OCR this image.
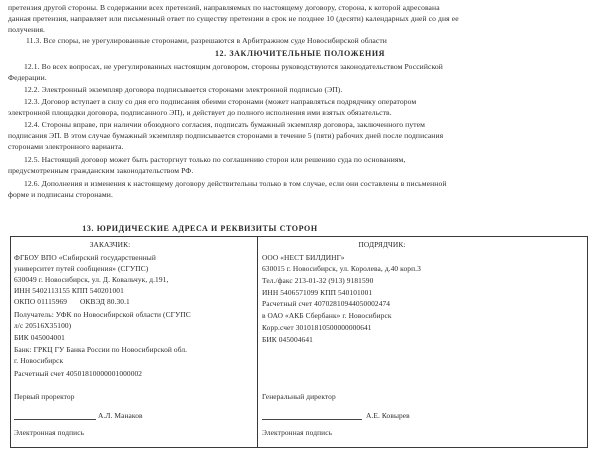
претензия другой стороны. В содержании всех претензий, направляемых по настоящему договору, сторона, к которой адресована
данная претензия, направляет или письменный ответ по существу претензии в срок не позднее 10 (десяти) календарных дней со дня ее
получения.
11.3. Все споры, не урегулированные сторонами, разрешаются в Арбитражном суде Новосибирской области
12. ЗАКЛЮЧИТЕЛЬНЫЕ ПОЛОЖЕНИЯ
12.1. Во всех вопросах, не урегулированных настоящим договором, стороны руководствуются законодательством Российской
Федерации.
12.2. Электронный экземпляр договора подписывается сторонами электронной подписью (ЭП).
12.3. Договор вступает в силу со дня его подписания обеими сторонами (может направляться подрядчику оператором
электронной площадки договора, подписанного ЭП), и действует до полного исполнения ими взятых обязательств.
12.4. Стороны вправе, при наличии обоюдного согласия, подписать бумажный экземпляр договора, заключенного путем
подписания ЭП. В этом случае бумажный экземпляр подписывается сторонами в течение 5 (пяти) рабочих дней после подписания
сторонами электронного варианта.
12.5. Настоящий договор может быть расторгнут только по соглашению сторон или решению суда по основаниям,
предусмотренным гражданским законодательством РФ.
12.6. Дополнения и изменения к настоящему договору действительны только в том случае, если они составлены в письменной
форме и подписаны сторонами.
13. ЮРИДИЧЕСКИЕ АДРЕСА И РЕКВИЗИТЫ СТОРОН
ЗАКАЗЧИК:
ФГБОУ ВПО «Сибирский государственный
университет путей сообщения» (СГУПС)
630049 г. Новосибирск, ул. Д. Ковальчук, д.191,
ИНН 5402113155 КПП 540201001
ОКПО 01115969 ОКВЭД 80.30.1
Получатель: УФК по Новосибирской области (СГУПС
л/с 20516X35100)
БИК 045004001
Банк: ГРКЦ ГУ Банка России по Новосибирской обл.
г. Новосибирск
Расчетный счет 40501810000001000002
Первый проректор
А.Л. Манаков
Электронная подпись
ПОДРЯДЧИК:
ООО «НЕСТ БИЛДИНГ»
630015 г. Новосибирск, ул. Королева, д.40 корп.3
Тел./факс 213-01-32 (913) 9181590
ИНН 5406571099 КПП 540101001
Расчетный счет 40702810944050002474
в ОАО «АКБ Сбербанк» г. Новосибирск
Корр.счет 30101810500000000641
БИК 045004641
Генеральный директор
А.Е. Ковырев
Электронная подпись
